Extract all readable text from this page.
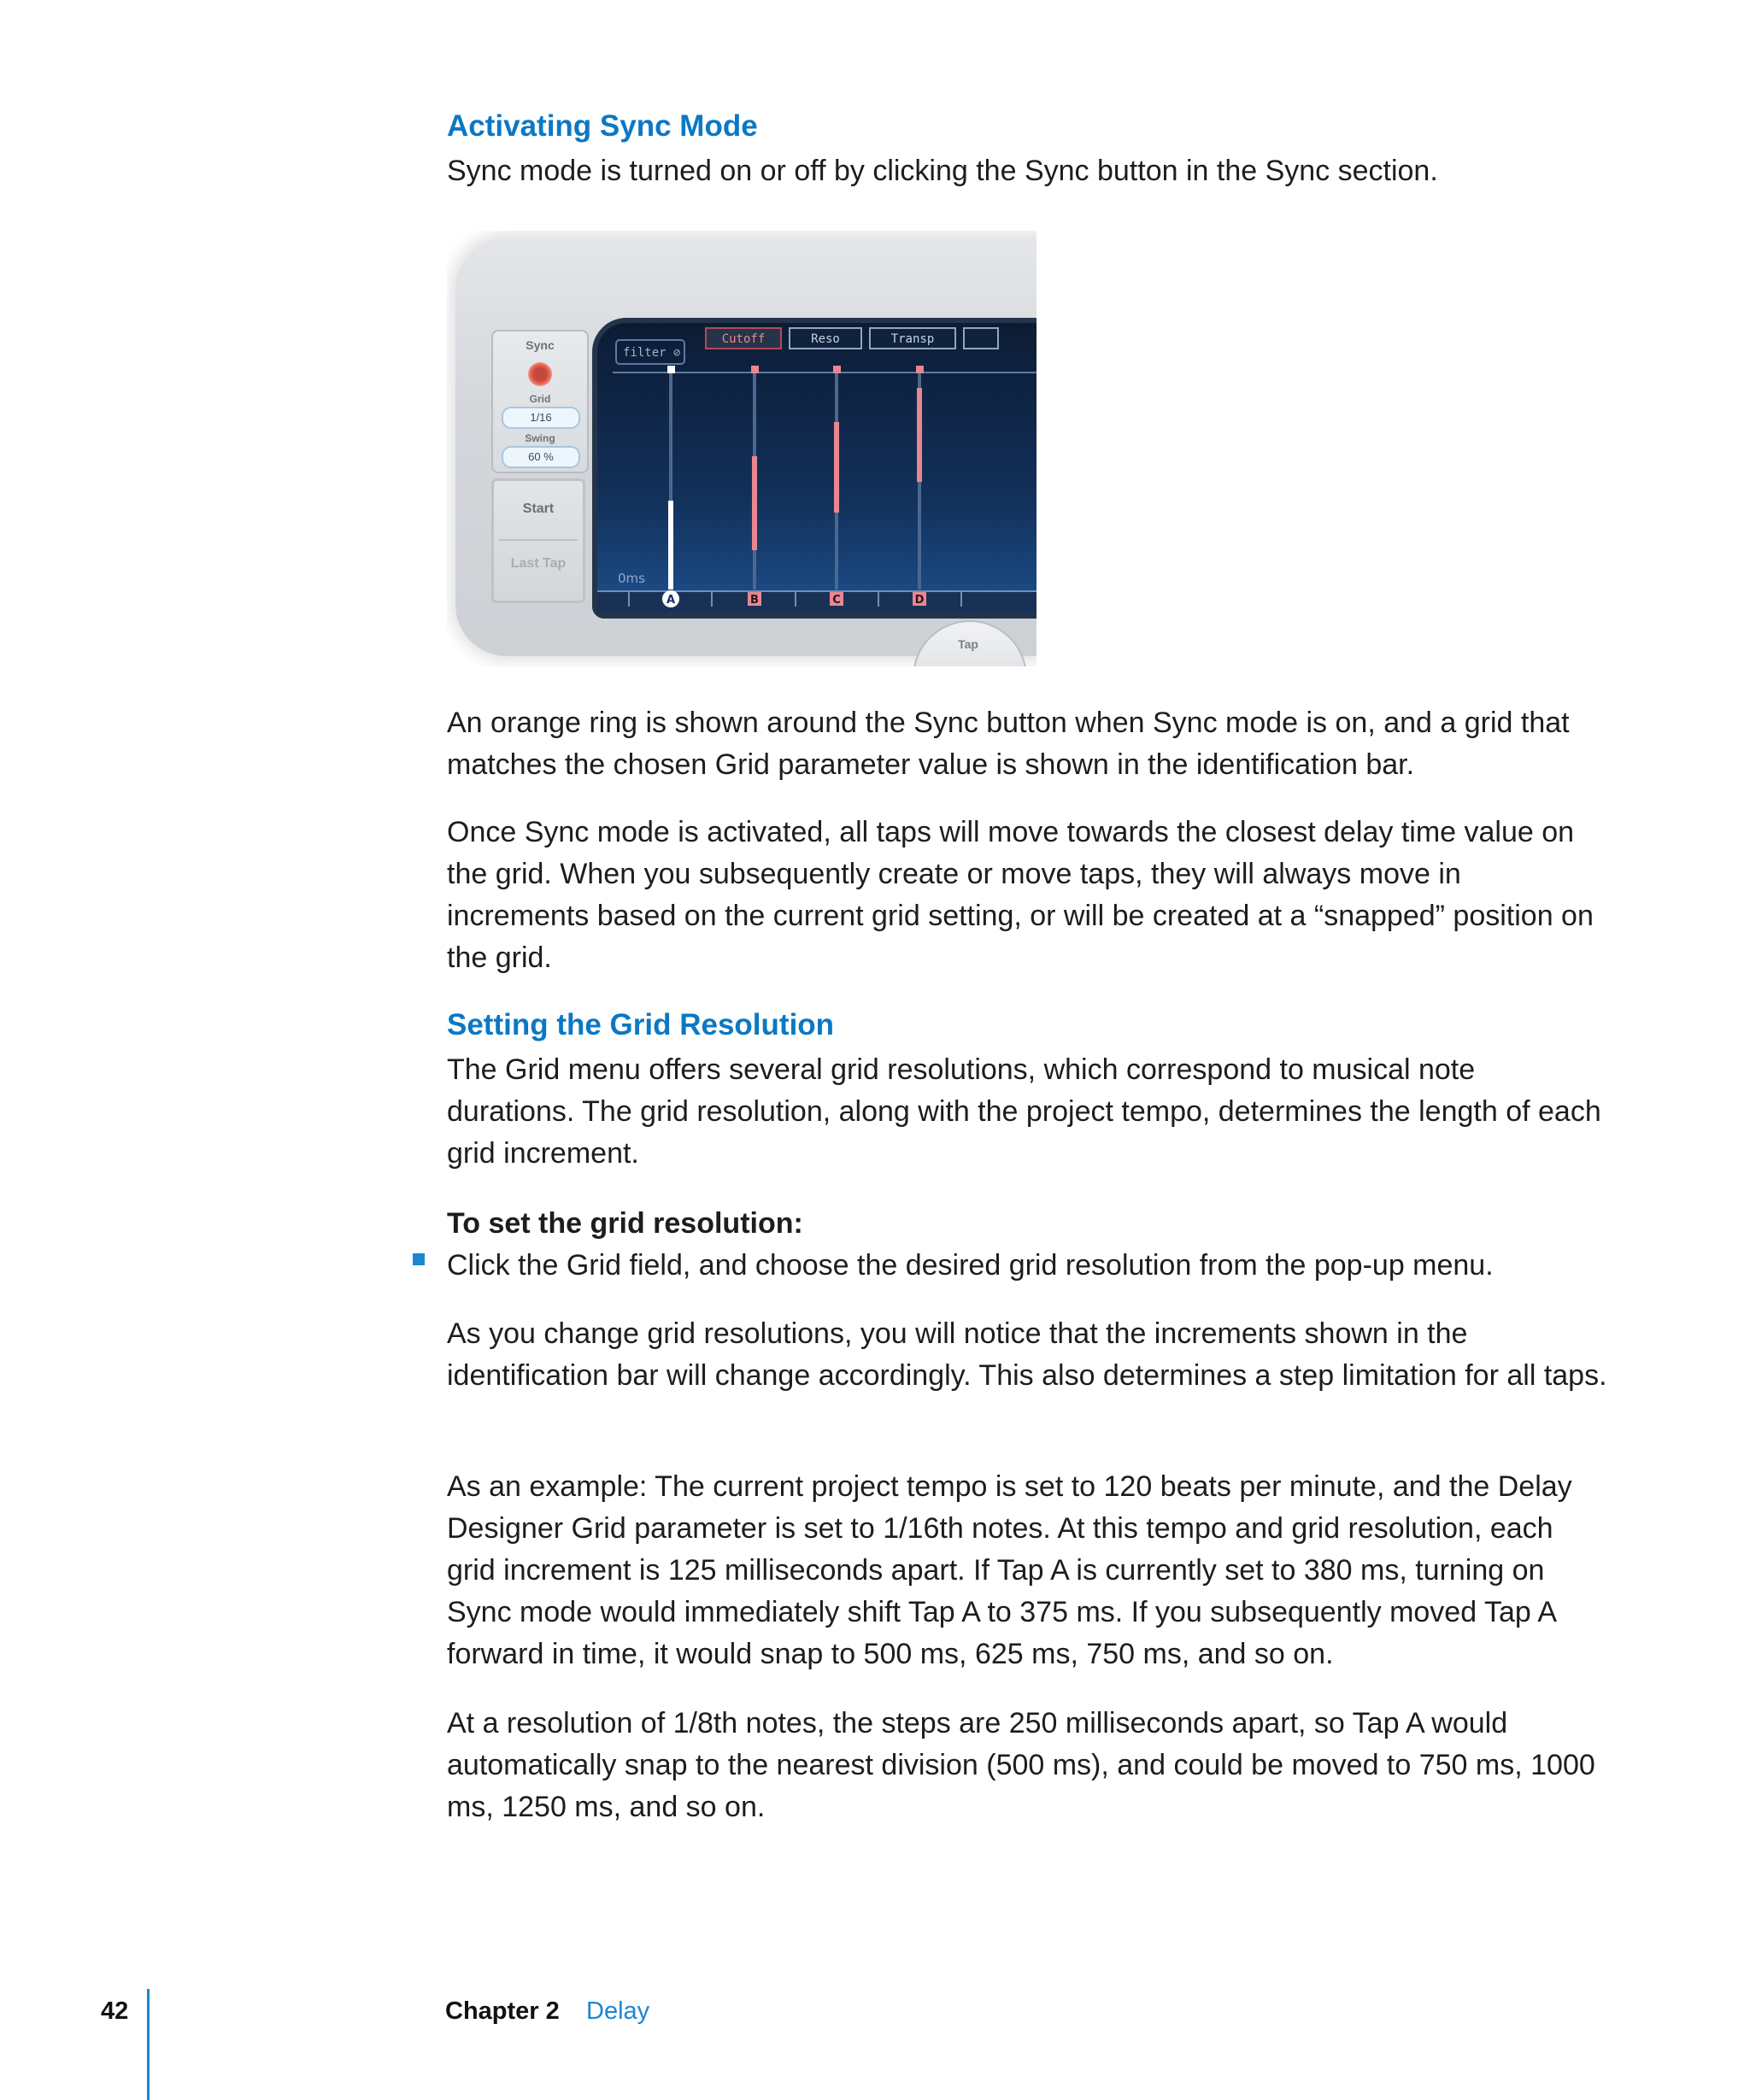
Activating Sync Mode

Sync mode is turned on or off by clicking the Sync button in the Sync section.

Sync
Grid
1/16
Swing
60 %
Start
Last Tap
filter ⊘
Cutoff	Reso	Transp
0ms
A	B	C	D
Tap

An orange ring is shown around the Sync button when Sync mode is on, and a grid that matches the chosen Grid parameter value is shown in the identification bar.

Once Sync mode is activated, all taps will move towards the closest delay time value on the grid. When you subsequently create or move taps, they will always move in increments based on the current grid setting, or will be created at a “snapped” position on the grid.

Setting the Grid Resolution

The Grid menu offers several grid resolutions, which correspond to musical note durations. The grid resolution, along with the project tempo, determines the length of each grid increment.

To set the grid resolution:

Click the Grid field, and choose the desired grid resolution from the pop-up menu.

As you change grid resolutions, you will notice that the increments shown in the identification bar will change accordingly. This also determines a step limitation for all taps.

As an example: The current project tempo is set to 120 beats per minute, and the Delay Designer Grid parameter is set to 1/16th notes. At this tempo and grid resolution, each grid increment is 125 milliseconds apart. If Tap A is currently set to 380 ms, turning on Sync mode would immediately shift Tap A to 375 ms. If you subsequently moved Tap A forward in time, it would snap to 500 ms, 625 ms, 750 ms, and so on.

At a resolution of 1/8th notes, the steps are 250 milliseconds apart, so Tap A would automatically snap to the nearest division (500 ms), and could be moved to 750 ms, 1000 ms, 1250 ms, and so on.

42	Chapter 2 Delay
